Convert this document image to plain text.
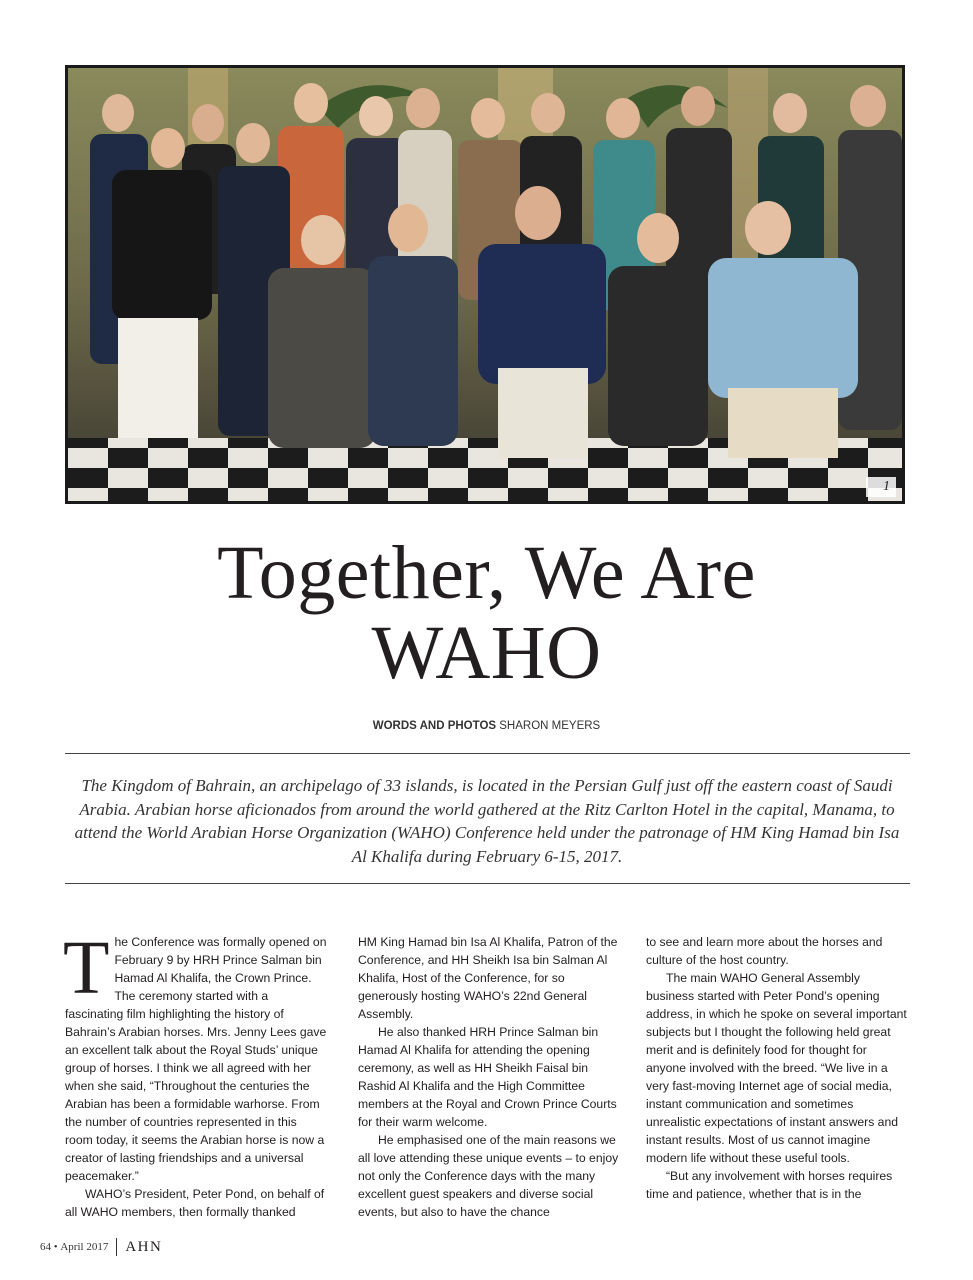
1
Together, We Are
WAHO
WORDS AND PHOTOS SHARON MEYERS

The Kingdom of Bahrain, an archipelago of 33 islands, is located in the Persian Gulf just off the eastern coast of Saudi Arabia. Arabian horse aficionados from around the world gathered at the Ritz Carlton Hotel in the capital, Manama, to attend the World Arabian Horse Organization (WAHO) Conference held under the patronage of HM King Hamad bin Isa Al Khalifa during February 6-15, 2017.

The Conference was formally opened on February 9 by HRH Prince Salman bin Hamad Al Khalifa, the Crown Prince. The ceremony started with a fascinating film highlighting the history of Bahrain’s Arabian horses. Mrs. Jenny Lees gave an excellent talk about the Royal Studs’ unique group of horses. I think we all agreed with her when she said, “Throughout the centuries the Arabian has been a formidable warhorse. From the number of countries represented in this room today, it seems the Arabian horse is now a creator of lasting friendships and a universal peacemaker.”

WAHO’s President, Peter Pond, on behalf of all WAHO members, then formally thanked

HM King Hamad bin Isa Al Khalifa, Patron of the Conference, and HH Sheikh Isa bin Salman Al Khalifa, Host of the Conference, for so generously hosting WAHO’s 22nd General Assembly.

He also thanked HRH Prince Salman bin Hamad Al Khalifa for attending the opening ceremony, as well as HH Sheikh Faisal bin Rashid Al Khalifa and the High Committee members at the Royal and Crown Prince Courts for their warm welcome.

He emphasised one of the main reasons we all love attending these unique events – to enjoy not only the Conference days with the many excellent guest speakers and diverse social events, but also to have the chance

to see and learn more about the horses and culture of the host country.

The main WAHO General Assembly business started with Peter Pond’s opening address, in which he spoke on several important subjects but I thought the following held great merit and is definitely food for thought for anyone involved with the breed. “We live in a very fast-moving Internet age of social media, instant communication and sometimes unrealistic expectations of instant answers and instant results. Most of us cannot imagine modern life without these useful tools.

“But any involvement with horses requires time and patience, whether that is in the

64
•
April 2017 AHN
